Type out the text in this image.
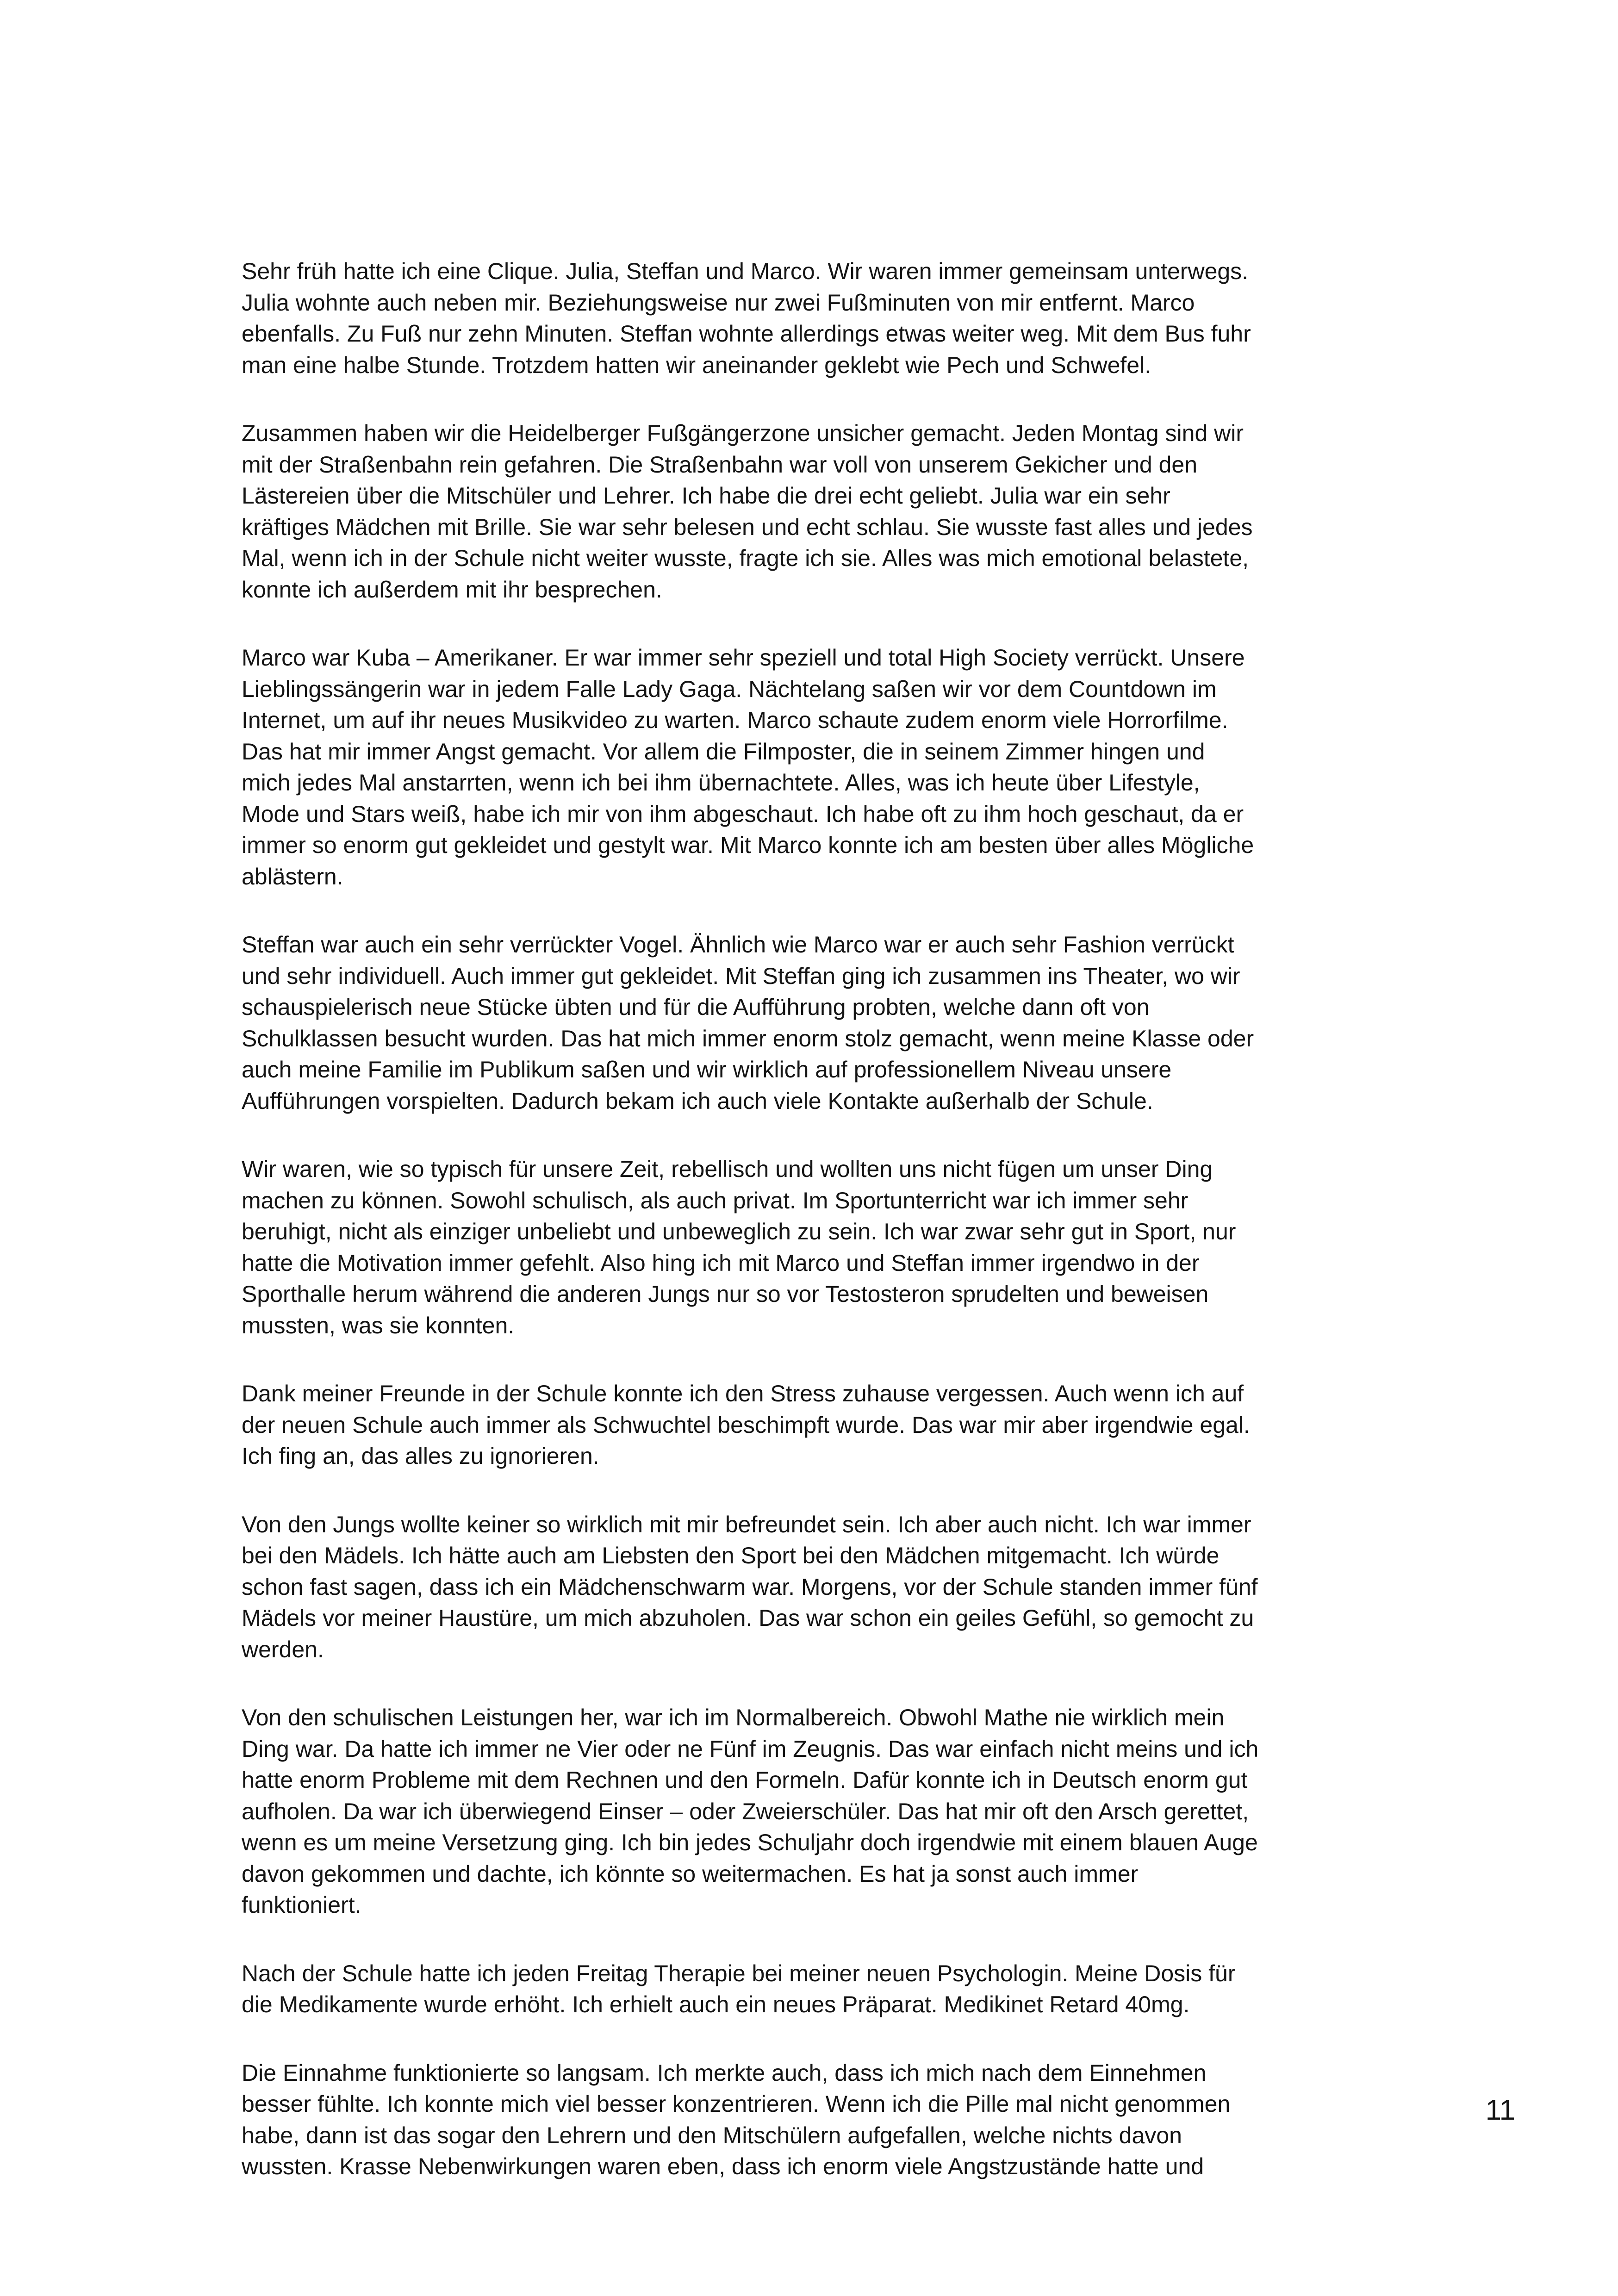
Sehr früh hatte ich eine Clique. Julia, Steffan und Marco. Wir waren immer gemeinsam unterwegs.
Julia wohnte auch neben mir. Beziehungsweise nur zwei Fußminuten von mir entfernt. Marco
ebenfalls. Zu Fuß nur zehn Minuten. Steffan wohnte allerdings etwas weiter weg. Mit dem Bus fuhr
man eine halbe Stunde. Trotzdem hatten wir aneinander geklebt wie Pech und Schwefel.

Zusammen haben wir die Heidelberger Fußgängerzone unsicher gemacht. Jeden Montag sind wir
mit der Straßenbahn rein gefahren. Die Straßenbahn war voll von unserem Gekicher und den
Lästereien über die Mitschüler und Lehrer. Ich habe die drei echt geliebt. Julia war ein sehr
kräftiges Mädchen mit Brille. Sie war sehr belesen und echt schlau. Sie wusste fast alles und jedes
Mal, wenn ich in der Schule nicht weiter wusste, fragte ich sie. Alles was mich emotional belastete,
konnte ich außerdem mit ihr besprechen.

Marco war Kuba – Amerikaner. Er war immer sehr speziell und total High Society verrückt. Unsere
Lieblingssängerin war in jedem Falle Lady Gaga. Nächtelang saßen wir vor dem Countdown im
Internet, um auf ihr neues Musikvideo zu warten. Marco schaute zudem enorm viele Horrorfilme.
Das hat mir immer Angst gemacht. Vor allem die Filmposter, die in seinem Zimmer hingen und
mich jedes Mal anstarrten, wenn ich bei ihm übernachtete. Alles, was ich heute über Lifestyle,
Mode und Stars weiß, habe ich mir von ihm abgeschaut. Ich habe oft zu ihm hoch geschaut, da er
immer so enorm gut gekleidet und gestylt war. Mit Marco konnte ich am besten über alles Mögliche
ablästern.

Steffan war auch ein sehr verrückter Vogel. Ähnlich wie Marco war er auch sehr Fashion verrückt
und sehr individuell. Auch immer gut gekleidet. Mit Steffan ging ich zusammen ins Theater, wo wir
schauspielerisch neue Stücke übten und für die Aufführung probten, welche dann oft von
Schulklassen besucht wurden. Das hat mich immer enorm stolz gemacht, wenn meine Klasse oder
auch meine Familie im Publikum saßen und wir wirklich auf professionellem Niveau unsere
Aufführungen vorspielten. Dadurch bekam ich auch viele Kontakte außerhalb der Schule.

Wir waren, wie so typisch für unsere Zeit, rebellisch und wollten uns nicht fügen um unser Ding
machen zu können. Sowohl schulisch, als auch privat. Im Sportunterricht war ich immer sehr
beruhigt, nicht als einziger unbeliebt und unbeweglich zu sein. Ich war zwar sehr gut in Sport, nur
hatte die Motivation immer gefehlt. Also hing ich mit Marco und Steffan immer irgendwo in der
Sporthalle herum während die anderen Jungs nur so vor Testosteron sprudelten und beweisen
mussten, was sie konnten.

Dank meiner Freunde in der Schule konnte ich den Stress zuhause vergessen. Auch wenn ich auf
der neuen Schule auch immer als Schwuchtel beschimpft wurde. Das war mir aber irgendwie egal.
Ich fing an, das alles zu ignorieren.

Von den Jungs wollte keiner so wirklich mit mir befreundet sein. Ich aber auch nicht. Ich war immer
bei den Mädels. Ich hätte auch am Liebsten den Sport bei den Mädchen mitgemacht. Ich würde
schon fast sagen, dass ich ein Mädchenschwarm war. Morgens, vor der Schule standen immer fünf
Mädels vor meiner Haustüre, um mich abzuholen. Das war schon ein geiles Gefühl, so gemocht zu
werden.

Von den schulischen Leistungen her, war ich im Normalbereich. Obwohl Mathe nie wirklich mein
Ding war. Da hatte ich immer ne Vier oder ne Fünf im Zeugnis. Das war einfach nicht meins und ich
hatte enorm Probleme mit dem Rechnen und den Formeln. Dafür konnte ich in Deutsch enorm gut
aufholen. Da war ich überwiegend Einser – oder Zweierschüler. Das hat mir oft den Arsch gerettet,
wenn es um meine Versetzung ging. Ich bin jedes Schuljahr doch irgendwie mit einem blauen Auge
davon gekommen und dachte, ich könnte so weitermachen. Es hat ja sonst auch immer
funktioniert.

Nach der Schule hatte ich jeden Freitag Therapie bei meiner neuen Psychologin. Meine Dosis für
die Medikamente wurde erhöht. Ich erhielt auch ein neues Präparat. Medikinet Retard 40mg.

Die Einnahme funktionierte so langsam. Ich merkte auch, dass ich mich nach dem Einnehmen
besser fühlte. Ich konnte mich viel besser konzentrieren. Wenn ich die Pille mal nicht genommen
habe, dann ist das sogar den Lehrern und den Mitschülern aufgefallen, welche nichts davon
wussten. Krasse Nebenwirkungen waren eben, dass ich enorm viele Angstzustände hatte und

11
